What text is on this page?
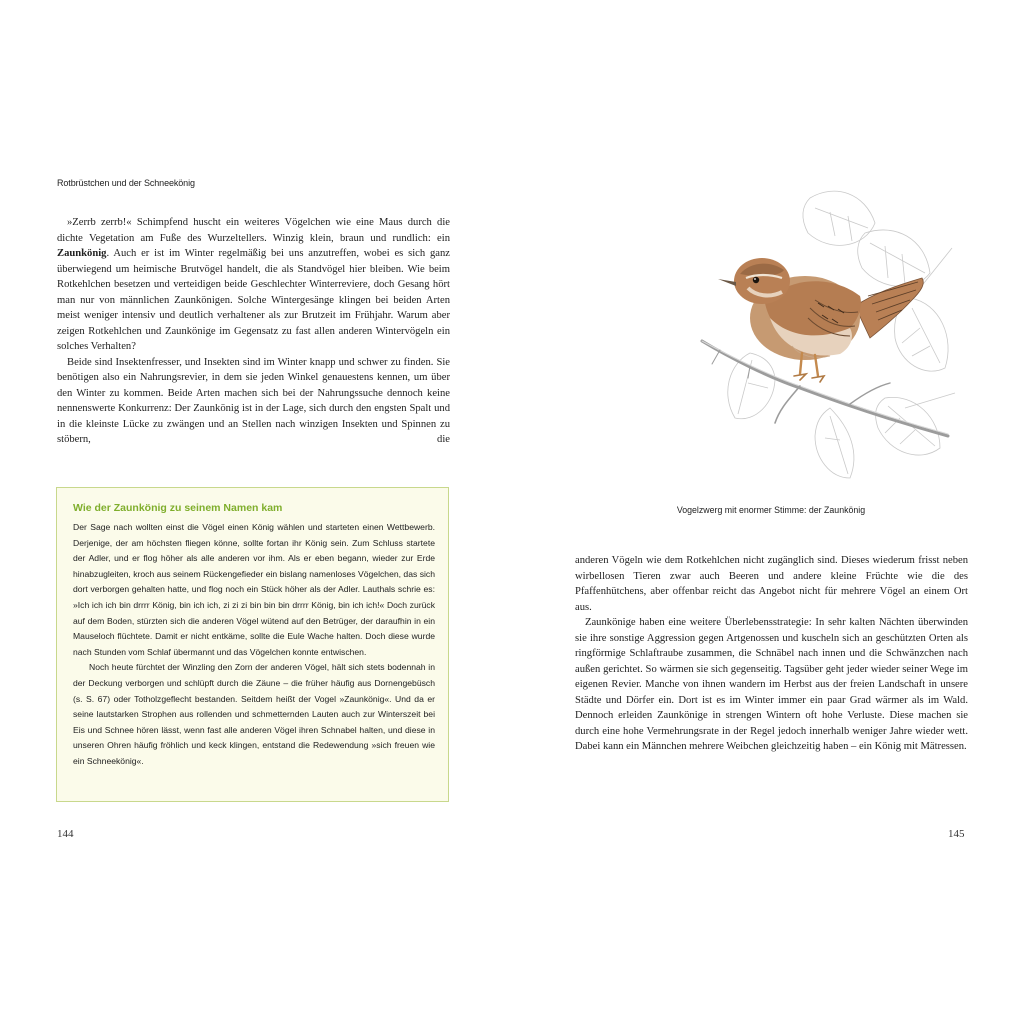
Rotbrüstchen und der Schneekönig

»Zerrb zerrb!« Schimpfend huscht ein weiteres Vögelchen wie eine Maus durch die dichte Vegetation am Fuße des Wurzeltellers. Winzig klein, braun und rundlich: ein Zaunkönig. Auch er ist im Winter regelmäßig bei uns anzutreffen, wobei es sich ganz überwiegend um heimische Brutvögel handelt, die als Standvögel hier bleiben. Wie beim Rotkehlchen besetzen und verteidigen beide Geschlechter Winterreviere, doch Gesang hört man nur von männlichen Zaunkönigen. Solche Wintergesänge klingen bei beiden Arten meist weniger intensiv und deutlich verhaltener als zur Brutzeit im Frühjahr. Warum aber zeigen Rotkehlchen und Zaunkönige im Gegensatz zu fast allen anderen Wintervögeln ein solches Verhalten?

Beide sind Insektenfresser, und Insekten sind im Winter knapp und schwer zu finden. Sie benötigen also ein Nahrungsrevier, in dem sie jeden Winkel genauestens kennen, um über den Winter zu kommen. Beide Arten machen sich bei der Nahrungssuche dennoch keine nennenswerte Konkurrenz: Der Zaunkönig ist in der Lage, sich durch den engsten Spalt und in die kleinste Lücke zu zwängen und an Stellen nach winzigen Insekten und Spinnen zu stöbern, die

Wie der Zaunkönig zu seinem Namen kam

Der Sage nach wollten einst die Vögel einen König wählen und starteten einen Wettbewerb. Derjenige, der am höchsten fliegen könne, sollte fortan ihr König sein. Zum Schluss startete der Adler, und er flog höher als alle anderen vor ihm. Als er eben begann, wieder zur Erde hinabzugleiten, kroch aus seinem Rückengefieder ein bislang namenloses Vögelchen, das sich dort verborgen gehalten hatte, und flog noch ein Stück höher als der Adler. Lauthals schrie es: »Ich ich ich bin drrrr König, bin ich ich, zi zi zi bin bin bin drrrr König, bin ich ich!« Doch zurück auf dem Boden, stürzten sich die anderen Vögel wütend auf den Betrüger, der daraufhin in ein Mauseloch flüchtete. Damit er nicht entkäme, sollte die Eule Wache halten. Doch diese wurde nach Stunden vom Schlaf übermannt und das Vögelchen konnte entwischen.

Noch heute fürchtet der Winzling den Zorn der anderen Vögel, hält sich stets bodennah in der Deckung verborgen und schlüpft durch die Zäune – die früher häufig aus Dornengebüsch (s. S. 67) oder Totholzgeflecht bestanden. Seitdem heißt der Vogel »Zaunkönig«. Und da er seine lautstarken Strophen aus rollenden und schmetternden Lauten auch zur Winterszeit bei Eis und Schnee hören lässt, wenn fast alle anderen Vögel ihren Schnabel halten, und diese in unseren Ohren häufig fröhlich und keck klingen, entstand die Redewendung »sich freuen wie ein Schneekönig«.

144
Vogelzwerg mit enormer Stimme: der Zaunkönig

anderen Vögeln wie dem Rotkehlchen nicht zugänglich sind. Dieses wiederum frisst neben wirbellosen Tieren zwar auch Beeren und andere kleine Früchte wie die des Pfaffenhütchens, aber offenbar reicht das Angebot nicht für mehrere Vögel an einem Ort aus.

Zaunkönige haben eine weitere Überlebensstrategie: In sehr kalten Nächten überwinden sie ihre sonstige Aggression gegen Artgenossen und kuscheln sich an geschützten Orten als ringförmige Schlaftraube zusammen, die Schnäbel nach innen und die Schwänzchen nach außen gerichtet. So wärmen sie sich gegenseitig. Tagsüber geht jeder wieder seiner Wege im eigenen Revier. Manche von ihnen wandern im Herbst aus der freien Landschaft in unsere Städte und Dörfer ein. Dort ist es im Winter immer ein paar Grad wärmer als im Wald. Dennoch erleiden Zaunkönige in strengen Wintern oft hohe Verluste. Diese machen sie durch eine hohe Vermehrungsrate in der Regel jedoch innerhalb weniger Jahre wieder wett. Dabei kann ein Männchen mehrere Weibchen gleichzeitig haben – ein König mit Mätressen.

145
